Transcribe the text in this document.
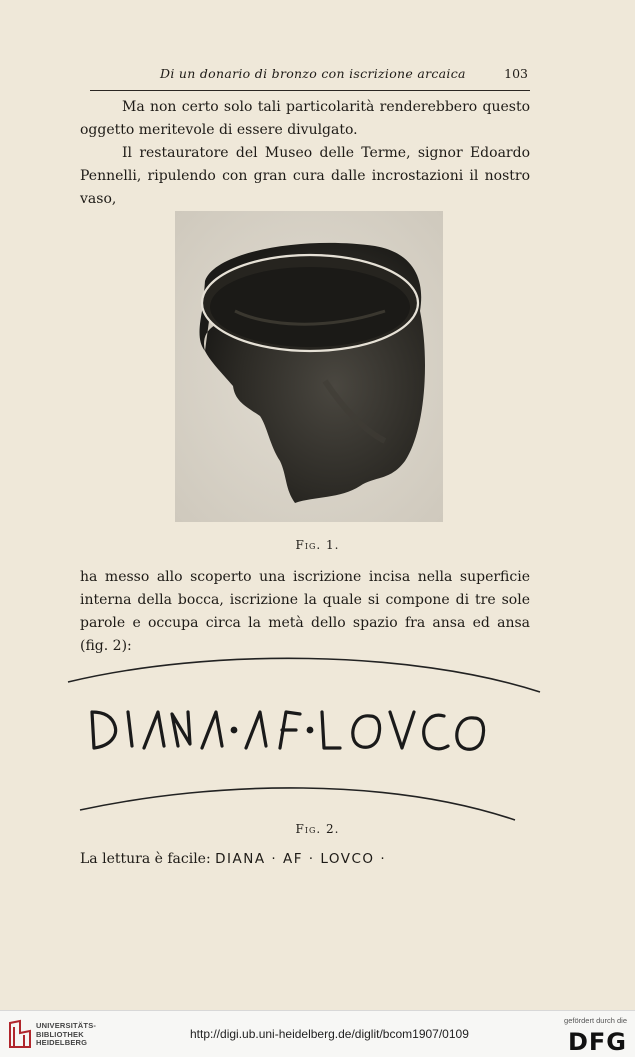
Di un donario di bronzo con iscrizione arcaica	103

Ma non certo solo tali particolarità renderebbero questo oggetto meritevole di essere divulgato.

Il restauratore del Museo delle Terme, signor Edoardo Pennelli, ripulendo con gran cura dalle incrostazioni il nostro vaso,

Fig. 1.

ha messo allo scoperto una iscrizione incisa nella superficie interna della bocca, iscrizione la quale si compone di tre sole parole e occupa circa la metà dello spazio fra ansa ed ansa (fig. 2):

DIANA·AF·LOVCO
Fig. 2.
La lettura è facile: DIANA · AF · LOVCO ·
UNIVERSITÄTS-
BIBLIOTHEK
HEIDELBERG
http://digi.ub.uni-heidelberg.de/diglit/bcom1907/0109
gefördert durch die
DFG
